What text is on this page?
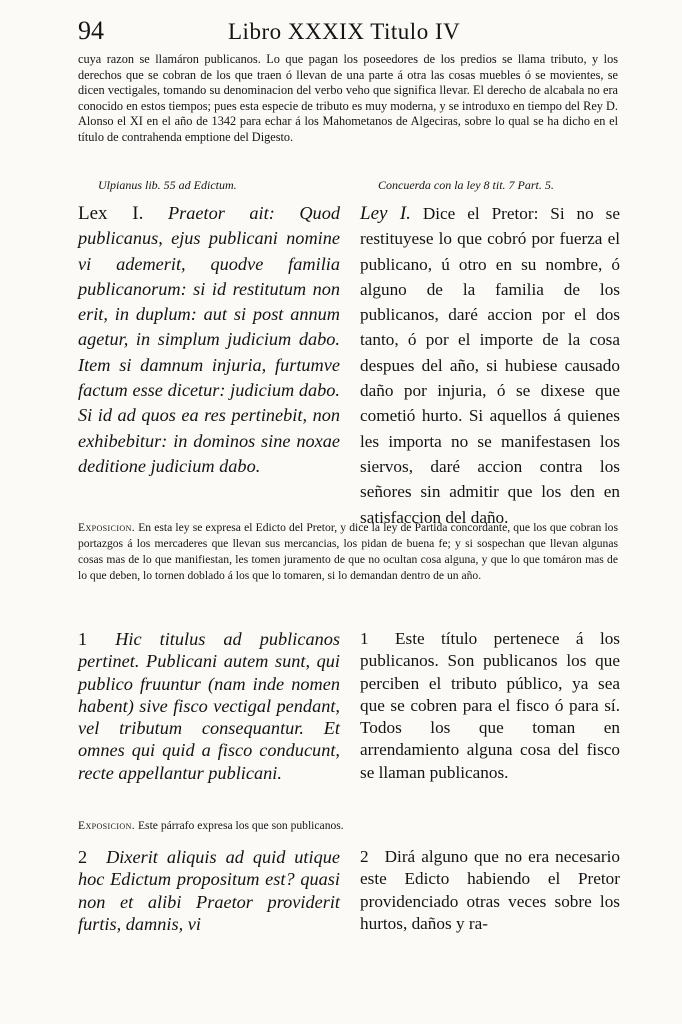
94	Libro XXXIX Titulo IV
cuya razon se llamáron publicanos. Lo que pagan los poseedores de los predios se llama tributo, y los derechos que se cobran de los que traen ó llevan de una parte á otra las cosas muebles ó se movientes, se dicen vectigales, tomando su denominacion del verbo veho que significa llevar. El derecho de alcabala no era conocido en estos tiempos; pues esta especie de tributo es muy moderna, y se introduxo en tiempo del Rey D. Alonso el XI en el año de 1342 para echar á los Mahometanos de Algeciras, sobre lo qual se ha dicho en el título de contrahenda emptione del Digesto.
Ulpianus lib. 55 ad Edictum.	Concuerda con la ley 8 tit. 7 Part. 5.
Lex I. Praetor ait: Quod publicanus, ejus publicani nomine vi ademerit, quodve familia publicanorum: si id restitutum non erit, in duplum: aut si post annum agetur, in simplum judicium dabo. Item si damnum injuria, furtumve factum esse dicetur: judicium dabo. Si id ad quos ea res pertinebit, non exhibebitur: in dominos sine noxae deditione judicium dabo.
Ley I. Dice el Pretor: Si no se restituyese lo que cobró por fuerza el publicano, ú otro en su nombre, ó alguno de la familia de los publicanos, daré accion por el dos tanto, ó por el importe de la cosa despues del año, si hubiese causado daño por injuria, ó se dixese que cometió hurto. Si aquellos á quienes les importa no se manifestasen los siervos, daré accion contra los señores sin admitir que los den en satisfaccion del daño.
Exposicion. En esta ley se expresa el Edicto del Pretor, y dice la ley de Partida concordante, que los que cobran los portazgos á los mercaderes que llevan sus mercancias, los pidan de buena fe; y si sospechan que llevan algunas cosas mas de lo que manifiestan, les tomen juramento de que no ocultan cosa alguna, y que lo que tomáron mas de lo que deben, lo tornen doblado á los que lo tomaren, si lo demandan dentro de un año.
1 Hic titulus ad publicanos pertinet. Publicani autem sunt, qui publico fruuntur (nam inde nomen habent) sive fisco vectigal pendant, vel tributum consequantur. Et omnes qui quid a fisco conducunt, recte appellantur publicani.
1 Este título pertenece á los publicanos. Son publicanos los que perciben el tributo público, ya sea que se cobren para el fisco ó para sí. Todos los que toman en arrendamiento alguna cosa del fisco se llaman publicanos.
Exposicion. Este párrafo expresa los que son publicanos.
2 Dixerit aliquis ad quid utique hoc Edictum propositum est? quasi non et alibi Praetor providerit furtis, damnis, vi
2 Dirá alguno que no era necesario este Edicto habiendo el Pretor providenciado otras veces sobre los hurtos, daños y ra-
